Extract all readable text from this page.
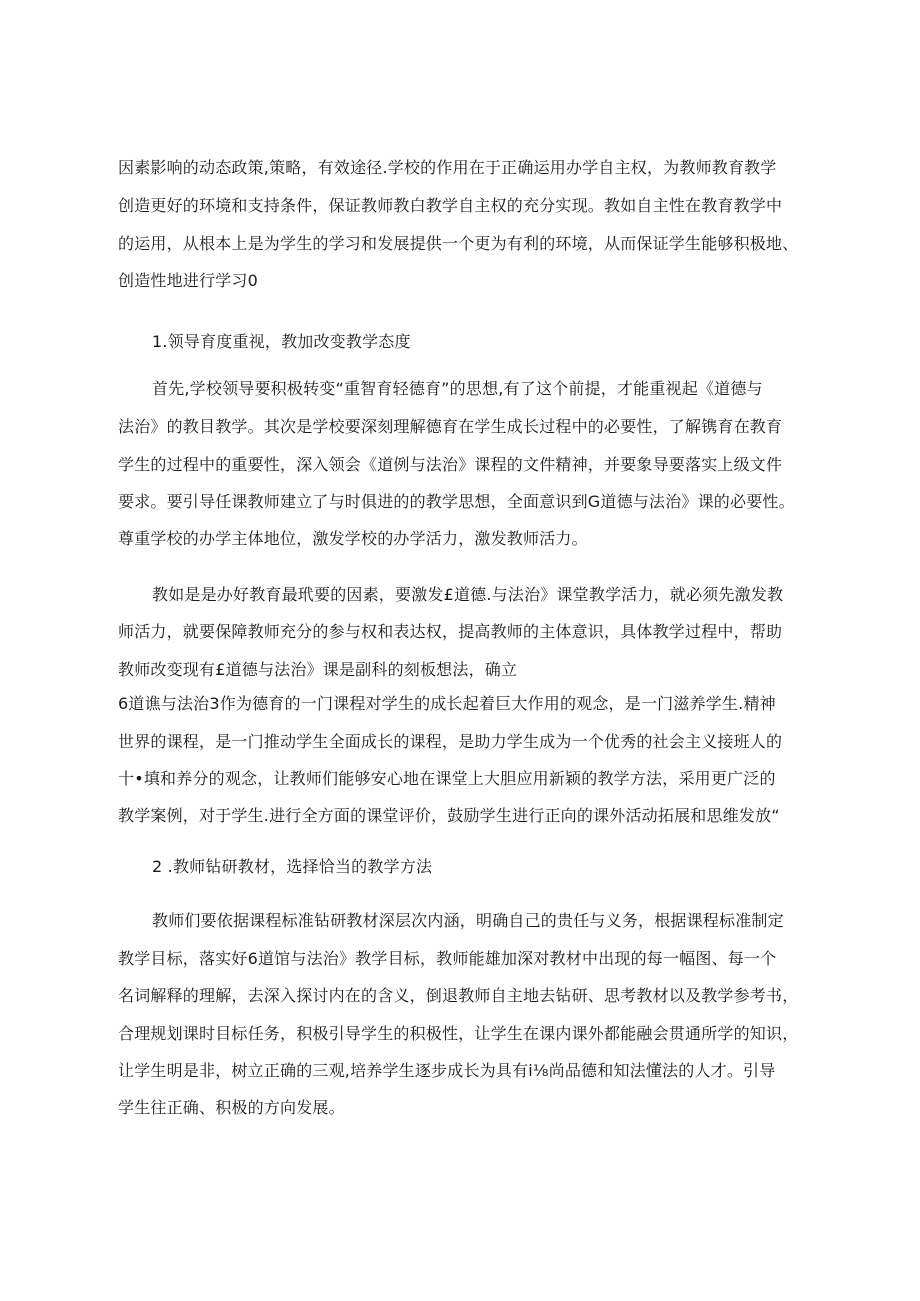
因素影响的动态政策,策略，有效途径.学校的作用在于正确运用办学自主权，为教师教育教学
创造更好的环境和支持条件，保证教师教白教学自主权的充分实现。教如自主性在教育教学中
的运用，从根本上是为学生的学习和发展提供一个更为有利的环境，从而保证学生能够积极地、
创造性地进行学习0
1.领导育度重视，教加改变教学态度
首先,学校领导要积极转变“重智育轻德育”的思想,有了这个前提，才能重视起《道德与
法治》的教目教学。其次是学校要深刻理解德育在学生成长过程中的必要性，了解镌育在教育
学生的过程中的重要性，深入领会《道例与法治》课程的文件精神，并要象导要落实上级文件
要求。要引导任课教师建立了与时俱进的的教学思想，全面意识到G道德与法治》课的必要性。
尊重学校的办学主体地位，激发学校的办学活力，激发教师活力。
教如是是办好教育最玳要的因素，要激发£道德.与法治》课堂教学活力，就必须先激发教
师活力，就要保障教师充分的参与权和表达权，提高教师的主体意识，具体教学过程中，帮助
教师改变现有£道德与法治》课是副科的刻板想法，确立
6道谯与法治3作为德育的一门课程对学生的成长起着巨大作用的观念，是一门滋养学生.精神
世界的课程，是一门推动学生全面成长的课程，是助力学生成为一个优秀的社会主义接班人的
十•填和养分的观念，让教师们能够安心地在课堂上大胆应用新颖的教学方法，采用更广泛的
教学案例，对于学生.进行全方面的课堂评价，鼓励学生进行正向的课外活动拓展和思维发放“
2 .教师钻研教材，选择恰当的教学方法
教师们要依据课程标准钻研教材深层次内涵，明确自己的贵任与义务，根据课程标准制定
教学目标，落实好6道馆与法治》教学目标，教师能雄加深对教材中出现的每一幅图、每一个
名词解释的理解，去深入探讨内在的含义，倒退教师自主地去钻研、思考教材以及教学参考书，
合理规划课时目标任务，积极引导学生的积极性，让学生在课内课外都能融会贯通所学的知识，
让学生明是非，树立正确的三观,培养学生逐步成长为具有i⅛尚品德和知法懂法的人才。引导
学生往正确、积极的方向发展。
